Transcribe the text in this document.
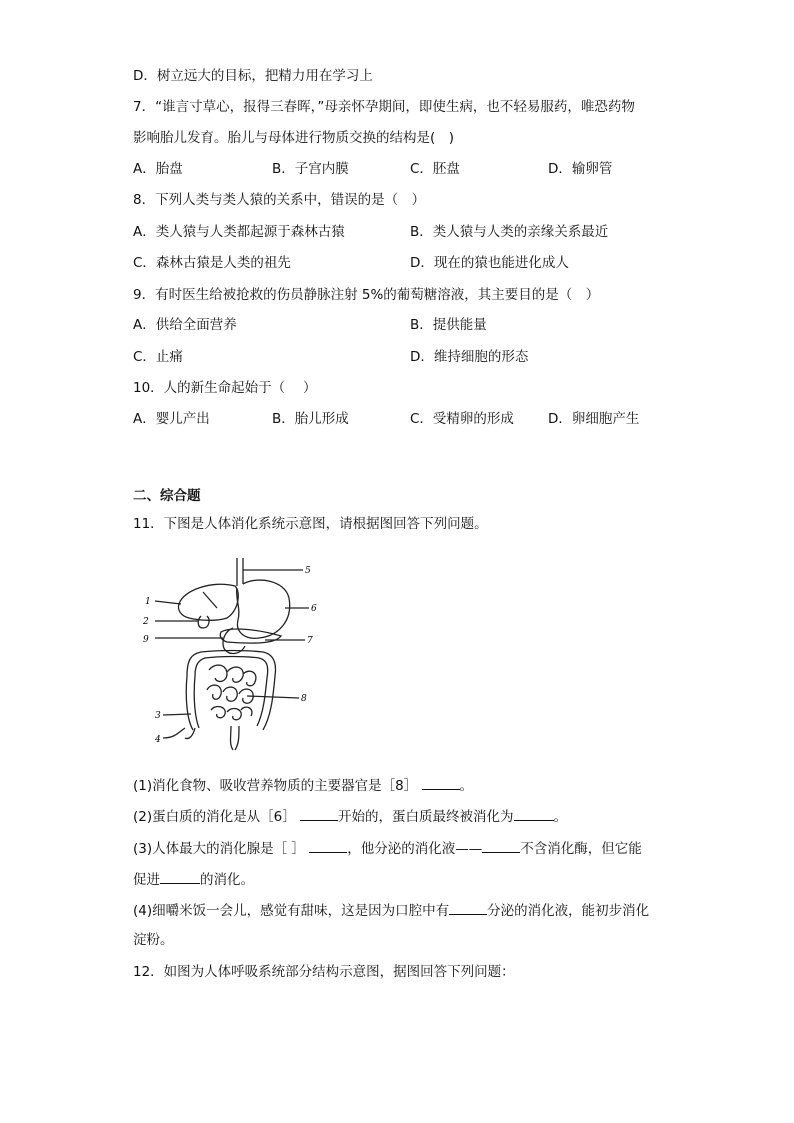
D．树立远大的目标，把精力用在学习上
7．“谁言寸草心，报得三春晖，”母亲怀孕期间，即使生病，也不轻易服药，唯恐药物
影响胎儿发育。胎儿与母体进行物质交换的结构是(　)
A．胎盘	B．子宫内膜	C．胚盘	D．输卵管
8．下列人类与类人猿的关系中，错误的是（　）
A．类人猿与人类都起源于森林古猿	B．类人猿与人类的亲缘关系最近
C．森林古猿是人类的祖先	D．现在的猿也能进化成人
9．有时医生给被抢救的伤员静脉注射 5%的葡萄糖溶液，其主要目的是（　）
A．供给全面营养	B．提供能量
C．止痛	D．维持细胞的形态
10．人的新生命起始于（　 ）
A．婴儿产出	B．胎儿形成	C．受精卵的形成	D．卵细胞产生
二、综合题
11．下图是人体消化系统示意图，请根据图回答下列问题。
1
2
9
3
4
5
6
7
8
(1)消化食物、吸收营养物质的主要器官是［8］	。
(2)蛋白质的消化是从［6］	开始的，蛋白质最终被消化为	。
(3)人体最大的消化腺是［ ］	，他分泌的消化液——	不含消化酶，但它能
促进	的消化。
(4)细嚼米饭一会儿，感觉有甜味，这是因为口腔中有	分泌的消化液，能初步消化
淀粉。
12．如图为人体呼吸系统部分结构示意图，据图回答下列问题：
